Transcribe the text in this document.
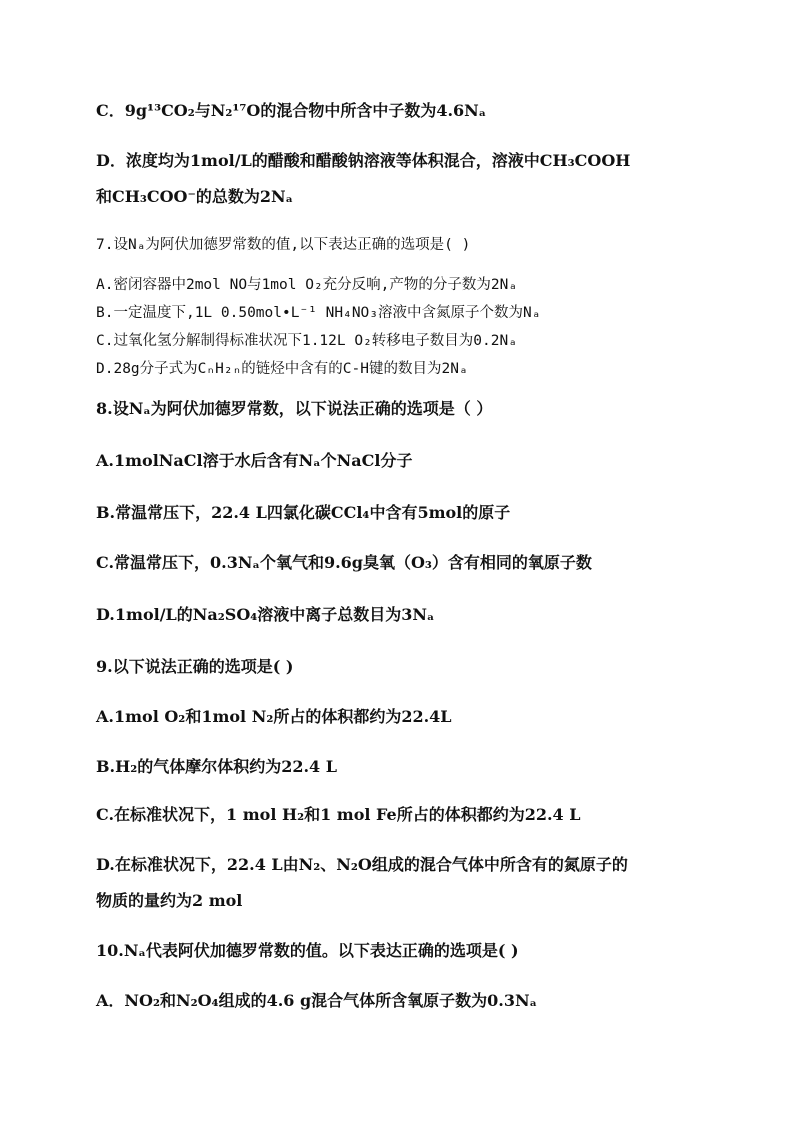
C．9g¹³CO₂与N₂¹⁷O的混合物中所含中子数为4.6Nₐ
D．浓度均为1mol/L的醋酸和醋酸钠溶液等体积混合，溶液中CH₃COOH
和CH₃COO⁻的总数为2Nₐ
7.设Nₐ为阿伏加德罗常数的值,以下表达正确的选项是( )
A.密闭容器中2mol NO与1mol O₂充分反响,产物的分子数为2Nₐ
B.一定温度下,1L 0.50mol•L⁻¹ NH₄NO₃溶液中含氮原子个数为Nₐ
C.过氧化氢分解制得标准状况下1.12L O₂转移电子数目为0.2Nₐ
D.28g分子式为CₙH₂ₙ的链烃中含有的C-H键的数目为2Nₐ
8.设Nₐ为阿伏加德罗常数，以下说法正确的选项是（ ）
A.1molNaCl溶于水后含有Nₐ个NaCl分子
B.常温常压下，22.4 L四氯化碳CCl₄中含有5mol的原子
C.常温常压下，0.3Nₐ个氧气和9.6g臭氧（O₃）含有相同的氧原子数
D.1mol/L的Na₂SO₄溶液中离子总数目为3Nₐ
9.以下说法正确的选项是( )
A.1mol O₂和1mol N₂所占的体积都约为22.4L
B.H₂的气体摩尔体积约为22.4 L
C.在标准状况下，1 mol H₂和1 mol Fe所占的体积都约为22.4 L
D.在标准状况下，22.4 L由N₂、N₂O组成的混合气体中所含有的氮原子的
物质的量约为2 mol
10.Nₐ代表阿伏加德罗常数的值。以下表达正确的选项是( )
A．NO₂和N₂O₄组成的4.6 g混合气体所含氧原子数为0.3Nₐ
